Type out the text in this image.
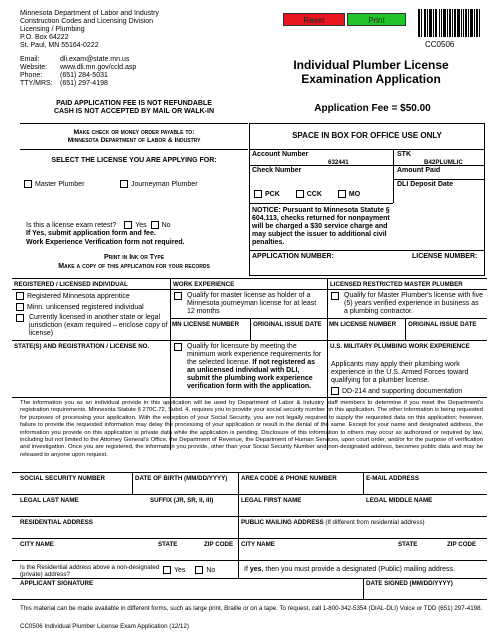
Minnesota Department of Labor and Industry
Construction Codes and Licensing Division
Licensing / Plumbing
P.O. Box 64222
St. Paul, MN 55164-0222
Email:	dli.exam@state.mn.us
Website: www.dli.mn.gov/ccld.asp
Phone:	(651) 284-5031
TTY/MRS: (651) 297-4198
Reset	Print
CC0506
Individual Plumber License
Examination Application
PAID APPLICATION FEE IS NOT REFUNDABLE
CASH IS NOT ACCEPTED BY MAIL OR WALK-IN	Application Fee = $50.00
Make check or money order payable to:
Minnesota Department of Labor & Industry
SELECT THE LICENSE YOU ARE APPLYING FOR:
Master Plumber	Journeyman Plumber
Is this a license exam retest?	Yes No
If Yes, submit application form and fee.
Work Experience Verification form not required.
Print in Ink or Type
Make a copy of this application for your records
SPACE IN BOX FOR OFFICE USE ONLY
Account Number
632441
STK
B42PLUMLIC
Check Number	Amount Paid
DLI Deposit Date
PCK	CCK	MO
NOTICE: Pursuant to Minnesota Statute § 604.113, checks returned for nonpayment will be charged a $30 service charge and may subject the issuer to additional civil penalties.
APPLICATION NUMBER:	LICENSE NUMBER:
REGISTERED / LICENSED INDIVIDUAL
Registered Minnesota apprentice
Minn. unlicensed registered individual
Currently licensed in another state or legal jurisdiction (exam required – enclose copy of license)
STATE(S) AND REGISTRATION / LICENSE NO.
WORK EXPERIENCE
Qualify for master license as holder of a Minnesota journeyman license for at least 12 months
MN LICENSE NUMBER ORIGINAL ISSUE DATE
Qualify for licensure by meeting the minimum work experience requirements for the selected license. If not registered as an unlicensed individual with DLI, submit the plumbing work experience verification form with the application.
LICENSED RESTRICTED MASTER PLUMBER
Qualify for Master Plumber's license with five (5) years verified experience in business as a plumbing contractor.
MN LICENSE NUMBER ORIGINAL ISSUE DATE
U.S. MILITARY PLUMBING WORK EXPERIENCE
Applicants may apply their plumbing work experience in the U.S. Armed Forces toward qualifying for a plumber license.
DD-214 and supporting documentation
The information you as an individual provide in this application will be used by Department of Labor & Industry staff members to determine if you meet the Department's registration requirements. Minnesota Statute § 270C.72, Subd. 4, requires you to provide your social security number on this application. The other information is being requested for purposes of processing your application. With the exception of your Social Security, you are not legally required to supply the requested data on this application; however, failure to provide the requested information may delay the processing of your application or result in the denial of the same. Except for your name and designated address, the information you provide on this application is private data while the application is pending. Disclosure of this information to others may occur as authorized or required by law, including but not limited to the Attorney General's Office, the Department of Revenue, the Department of Human Services, upon court order, and/or for the purpose of verification and investigation. Once you are registered, the information you provide, other than your Social Security Number and non-designated address, becomes public data and may be released to anyone upon request.
SOCIAL SECURITY NUMBER	DATE OF BIRTH (MM/DD/YYYY) AREA CODE & PHONE NUMBER	E-MAIL ADDRESS
LEGAL LAST NAME	SUFFIX (JR, SR, II, III)	LEGAL FIRST NAME	LEGAL MIDDLE NAME
RESIDENTIAL ADDRESS	PUBLIC MAILING ADDRESS (If different from residential address)
CITY NAME	STATE	ZIP CODE CITY NAME	STATE	ZIP CODE
Is the Residential address above a non-designated (private) address?
Yes	No	If yes, then you must provide a designated (Public) mailing address.
APPLICANT SIGNATURE	DATE SIGNED (MM/DD/YYYY)
This material can be made available in different forms, such as large print, Braille or on a tape. To request, call 1-800-342-5354 (DIAL-DLI) Voice or TDD (651) 297-4198.
CC0506 Individual Plumber License Exam Application (12/12)
